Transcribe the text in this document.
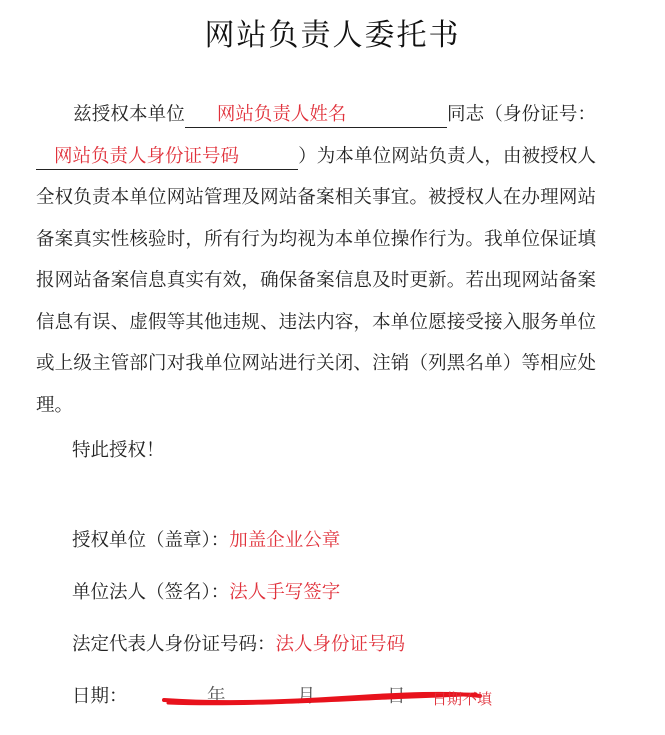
网站负责人委托书
兹授权本单位 网站负责人姓名	同志（身份证号：网站负责人身份证号码	）为本单位网站负责人，由被授权人全权负责本单位网站管理及网站备案相关事宜。被授权人在办理网站备案真实性核验时，所有行为均视为本单位操作行为。我单位保证填报网站备案信息真实有效，确保备案信息及时更新。若出现网站备案信息有误、虚假等其他违规、违法内容，本单位愿接受接入服务单位或上级主管部门对我单位网站进行关闭、注销（列黑名单）等相应处理。
特此授权！
授权单位（盖章）：加盖企业公章
单位法人（签名）：法人手写签字
法定代表人身份证号码：法人身份证号码
日期：	年	月	日 日期不填
